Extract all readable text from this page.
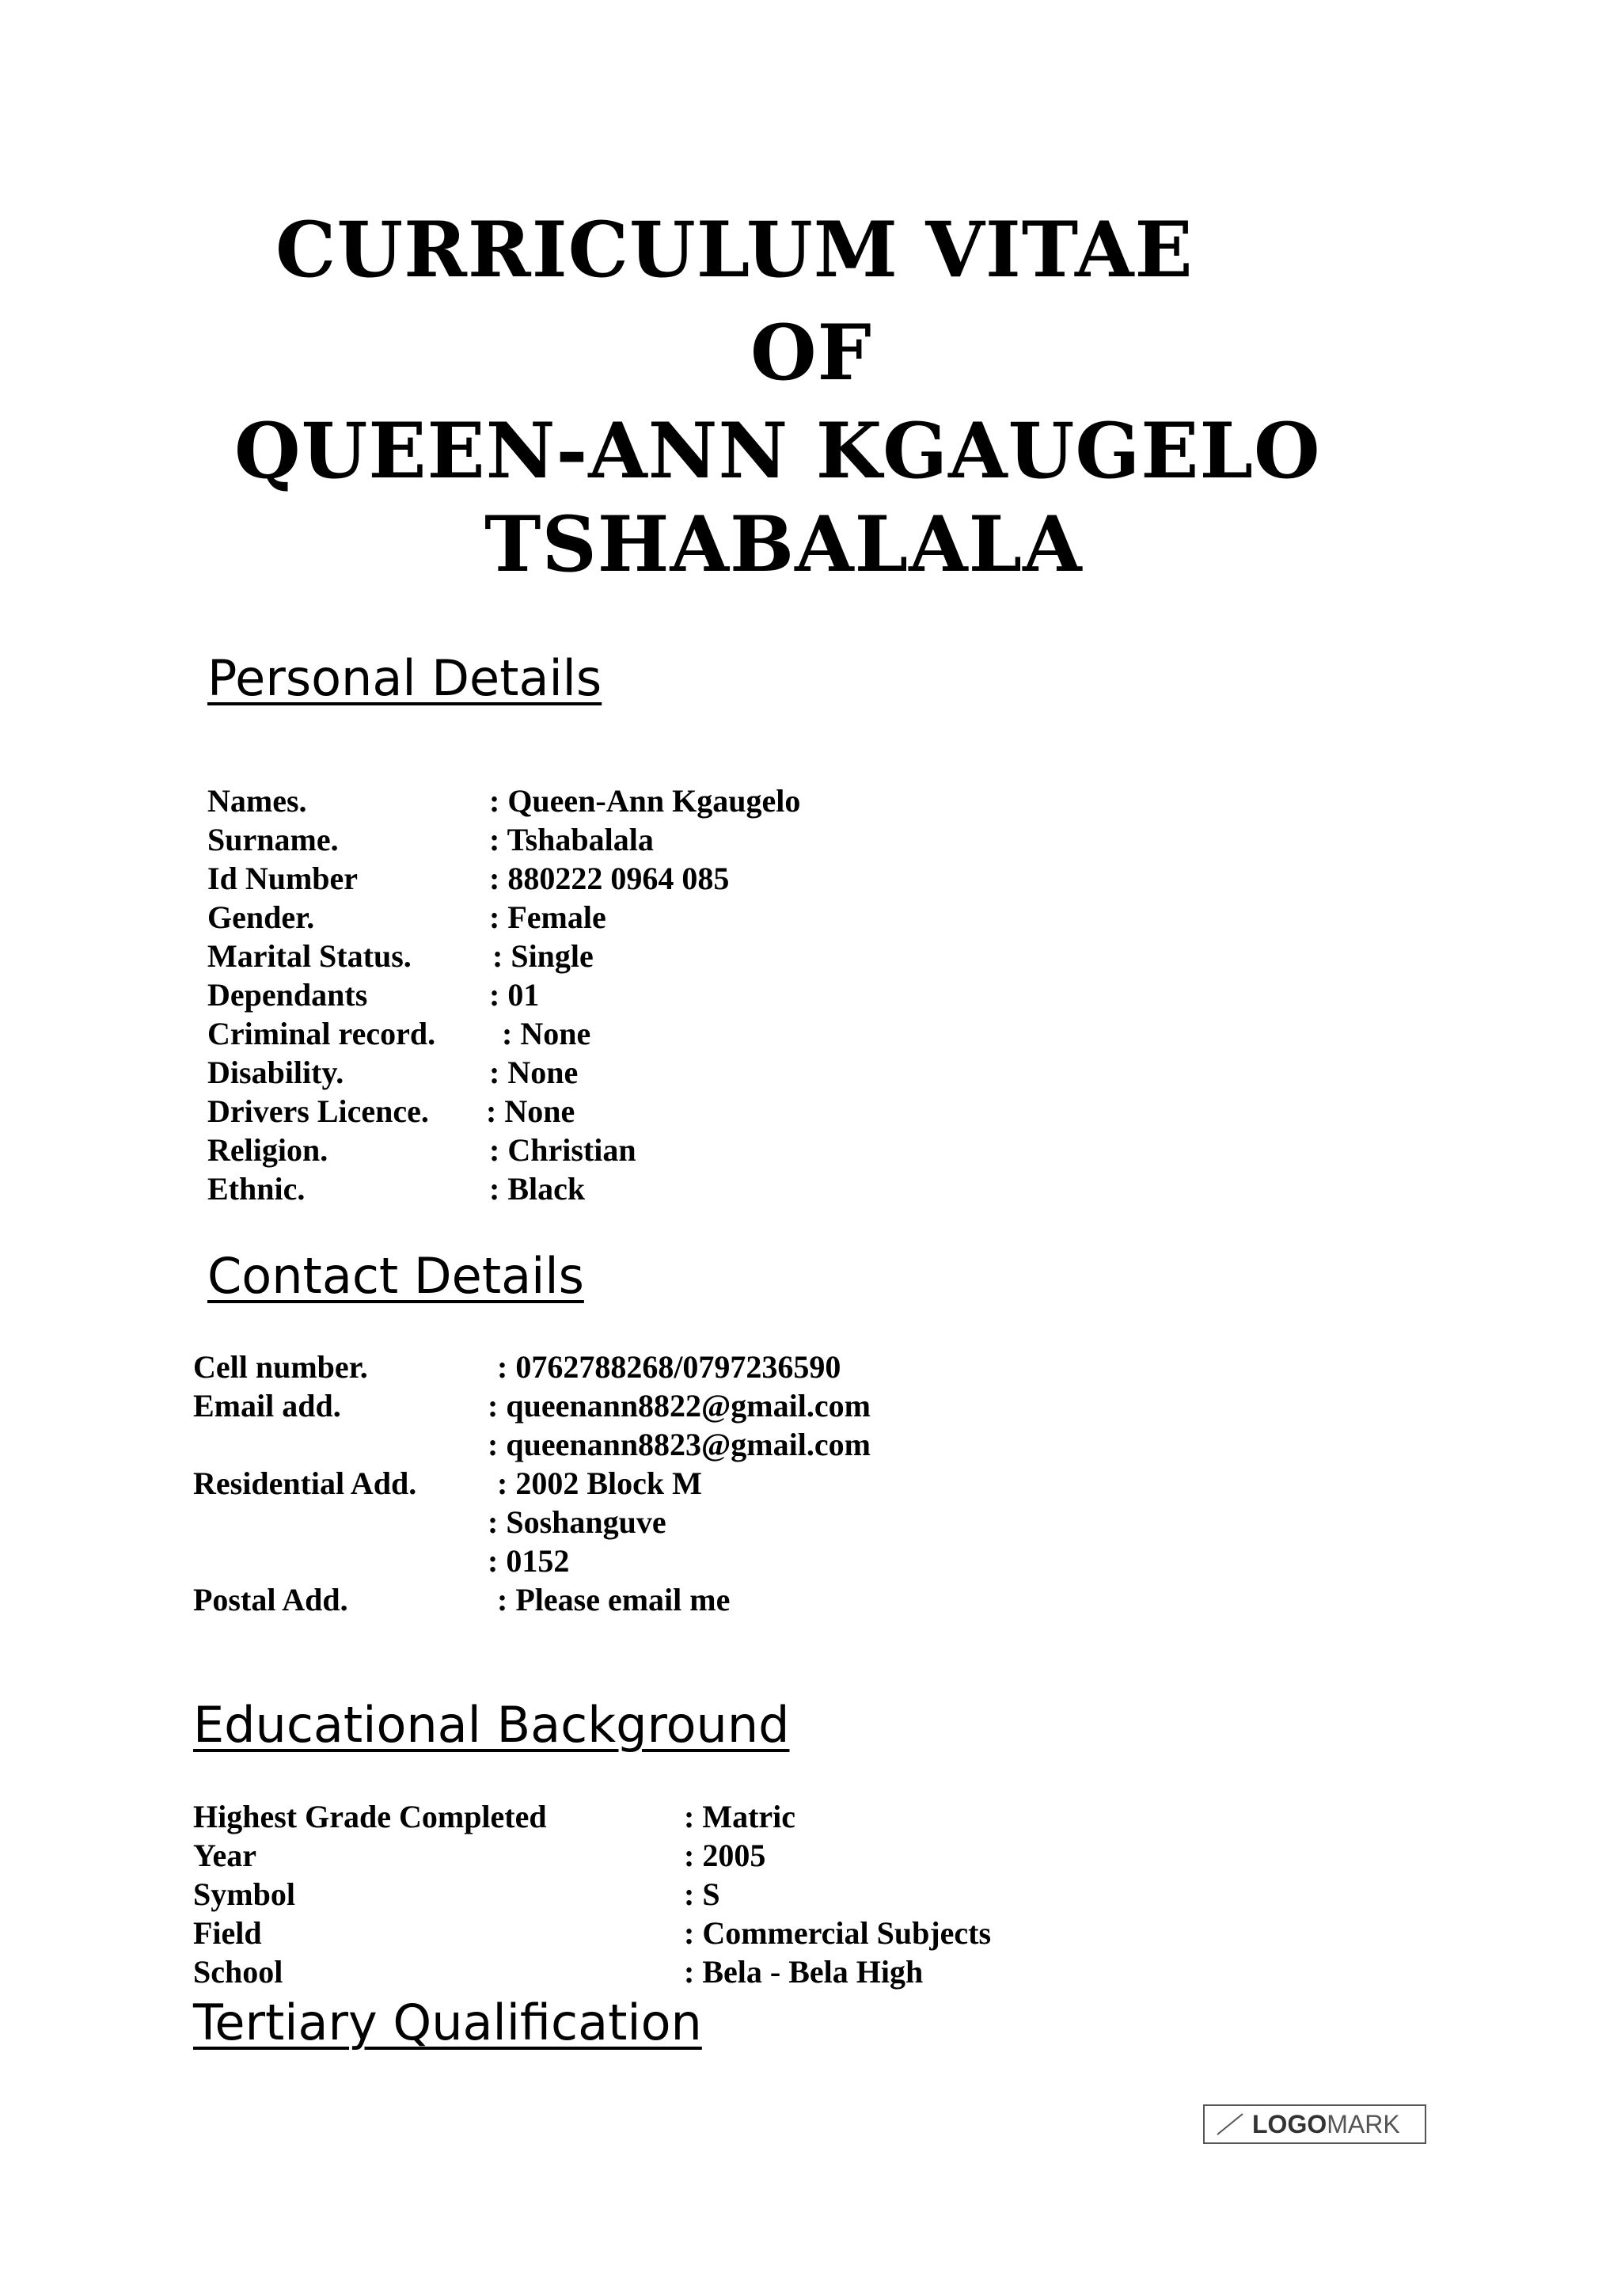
CURRICULUM VITAE
OF
QUEEN-ANN KGAUGELO
TSHABALALA
Personal Details
Names.	: Queen-Ann Kgaugelo
Surname.	: Tshabalala
Id Number	: 880222 0964 085
Gender.	: Female
Marital Status.	: Single
Dependants	: 01
Criminal record. : None
Disability.	: None
Drivers Licence. : None
Religion.	: Christian
Ethnic.	: Black
Contact Details
Cell number.	: 0762788268/0797236590
Email add.	: queenann8822@gmail.com
: queenann8823@gmail.com
Residential Add.	: 2002 Block M
: Soshanguve
: 0152
Postal Add.	: Please email me
Educational Background
Highest Grade Completed	: Matric
Year	: 2005
Symbol	: S
Field	: Commercial Subjects
School	: Bela - Bela High
Tertiary Qualification
LOGO MARK
